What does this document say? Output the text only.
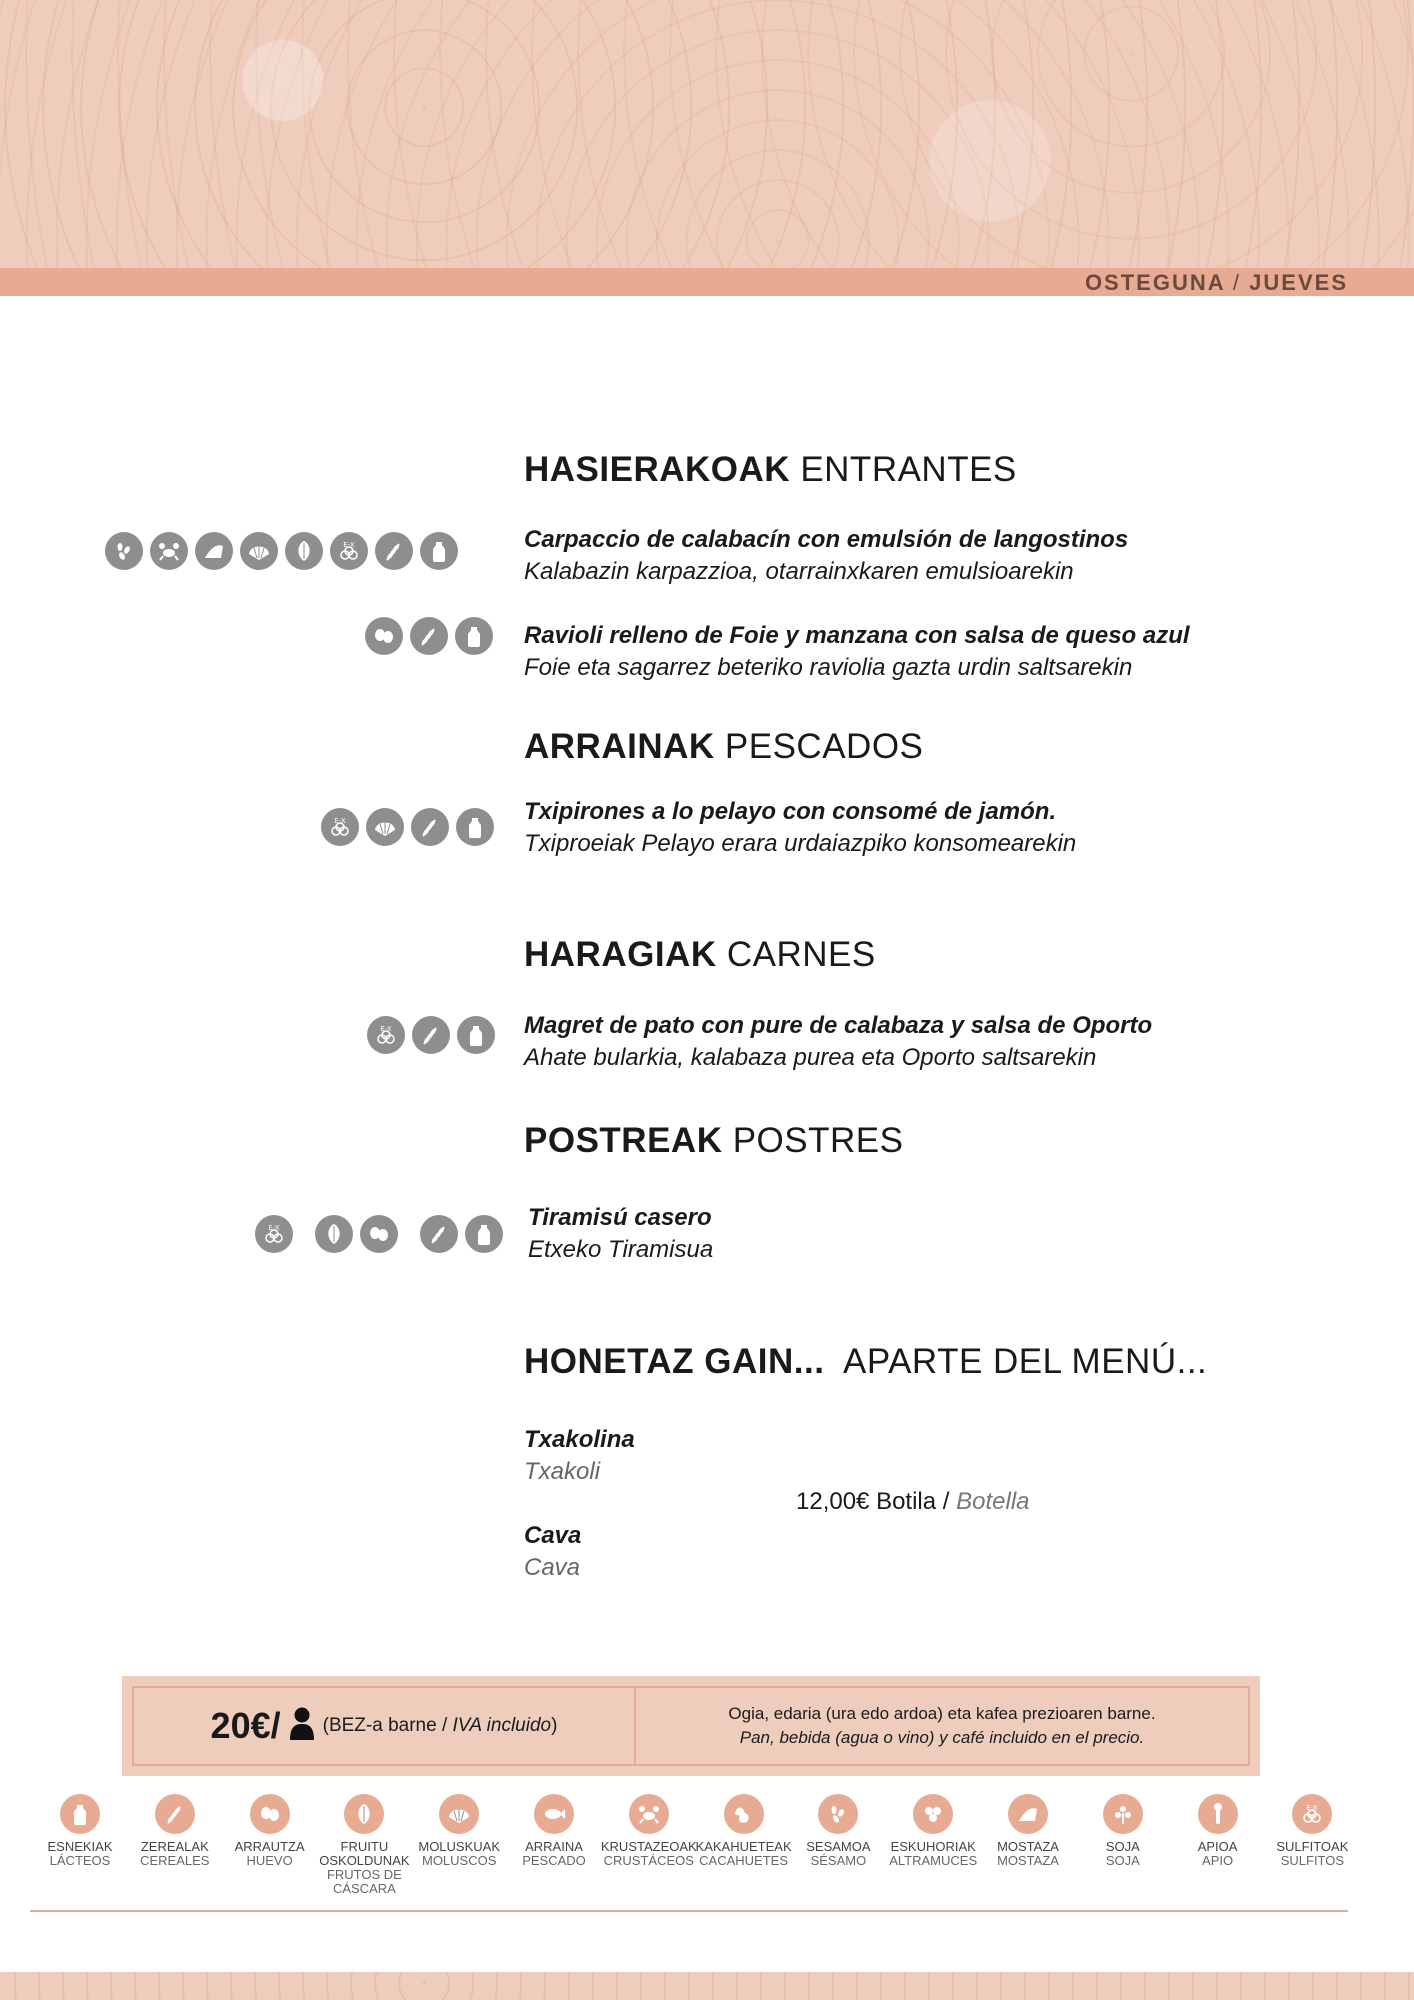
OSTEGUNA / JUEVES
HASIERAKOAK ENTRANTES
E-X	Carpaccio de calabacín con emulsión de langostinos
Kalabazin karpazzioa, otarrainxkaren emulsioarekin
Ravioli relleno de Foie y manzana con salsa de queso azul
Foie eta sagarrez beteriko raviolia gazta urdin saltsarekin
ARRAINAK PESCADOS
E-X	Txipirones a lo pelayo con consomé de jamón.
Txiproeiak Pelayo erara urdaiazpiko konsomearekin
HARAGIAK CARNES
E-X	Magret de pato con pure de calabaza y salsa de Oporto
Ahate bularkia, kalabaza purea eta Oporto saltsarekin
POSTREAK POSTRES
E-X	Tiramisú casero
Etxeko Tiramisua
HONETAZ GAIN... APARTE DEL MENÚ...
Txakolina
Txakoli
Cava
Cava
12,00€ Botila / Botella
20€/ (BEZ-a barne / IVA incluido)
Ogia, edaria (ura edo ardoa) eta kafea prezioaren barne.
Pan, bebida (agua o vino) y café incluido en el precio.
ESNEKIAK
LÁCTEOS
ZEREALAK
CEREALES
ARRAUTZA
HUEVO
FRUITU OSKOLDUNAK
FRUTOS DE CÁSCARA
MOLUSKUAK
MOLUSCOS
ARRAINA
PESCADO
KRUSTAZEOAK
CRUSTÁCEOS
KAKAHUETEAK
CACAHUETES
SESAMOA
SÉSAMO
ESKUHORIAK
ALTRAMUCES
MOSTAZA
MOSTAZA
SOJA
SOJA
APIOA
APIO
E-X
SULFITOAK
SULFITOS
